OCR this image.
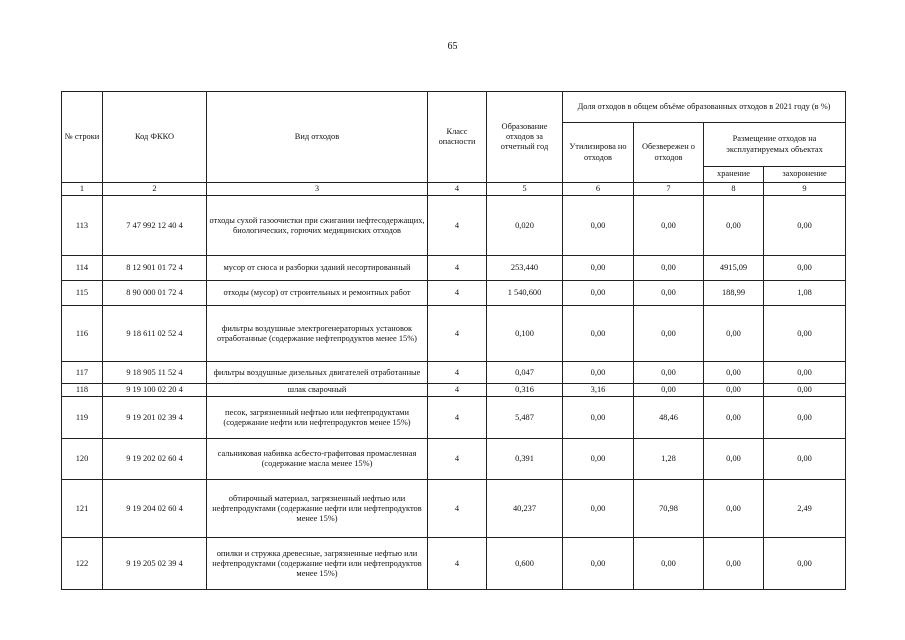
65
№ строки	Код ФККО	Вид отходов	Класс опасности	Образование отходов за отчетный год	Доля отходов в общем объёме образованных отходов в 2021 году (в %)			
					Утилизирова но отходов	Обезвережен о отходов	Размещение отходов на эксплуатируемых объектах	
							хранение	захоронение
1	2	3	4	5	6	7	8	9
113	7 47 992 12 40 4	отходы сухой газоочистки при сжигании нефтесодержащих, биологических, горючих медицинских отходов	4	0,020	0,00	0,00	0,00	0,00
114	8 12 901 01 72 4	мусор от сноса и разборки зданий несортированный	4	253,440	0,00	0,00	4915,09	0,00
115	8 90 000 01 72 4	отходы (мусор) от строительных и ремонтных работ	4	1 540,600	0,00	0,00	188,99	1,08
116	9 18 611 02 52 4	фильтры воздушные электрогенераторных установок отработанные (содержание нефтепродуктов менее 15%)	4	0,100	0,00	0,00	0,00	0,00
117	9 18 905 11 52 4	фильтры воздушные дизельных двигателей отработанные	4	0,047	0,00	0,00	0,00	0,00
118	9 19 100 02 20 4	шлак сварочный	4	0,316	3,16	0,00	0,00	0,00
119	9 19 201 02 39 4	песок, загрязненный нефтью или нефтепродуктами (содержание нефти или нефтепродуктов менее 15%)	4	5,487	0,00	48,46	0,00	0,00
120	9 19 202 02 60 4	сальниковая набивка асбесто-графитовая промасленная (содержание масла менее 15%)	4	0,391	0,00	1,28	0,00	0,00
121	9 19 204 02 60 4	обтирочный материал, загрязненный нефтью или нефтепродуктами (содержание нефти или нефтепродуктов менее 15%)	4	40,237	0,00	70,98	0,00	2,49
122	9 19 205 02 39 4	опилки и стружка древесные, загрязненные нефтью или нефтепродуктами (содержание нефти или нефтепродуктов менее 15%)	4	0,600	0,00	0,00	0,00	0,00
